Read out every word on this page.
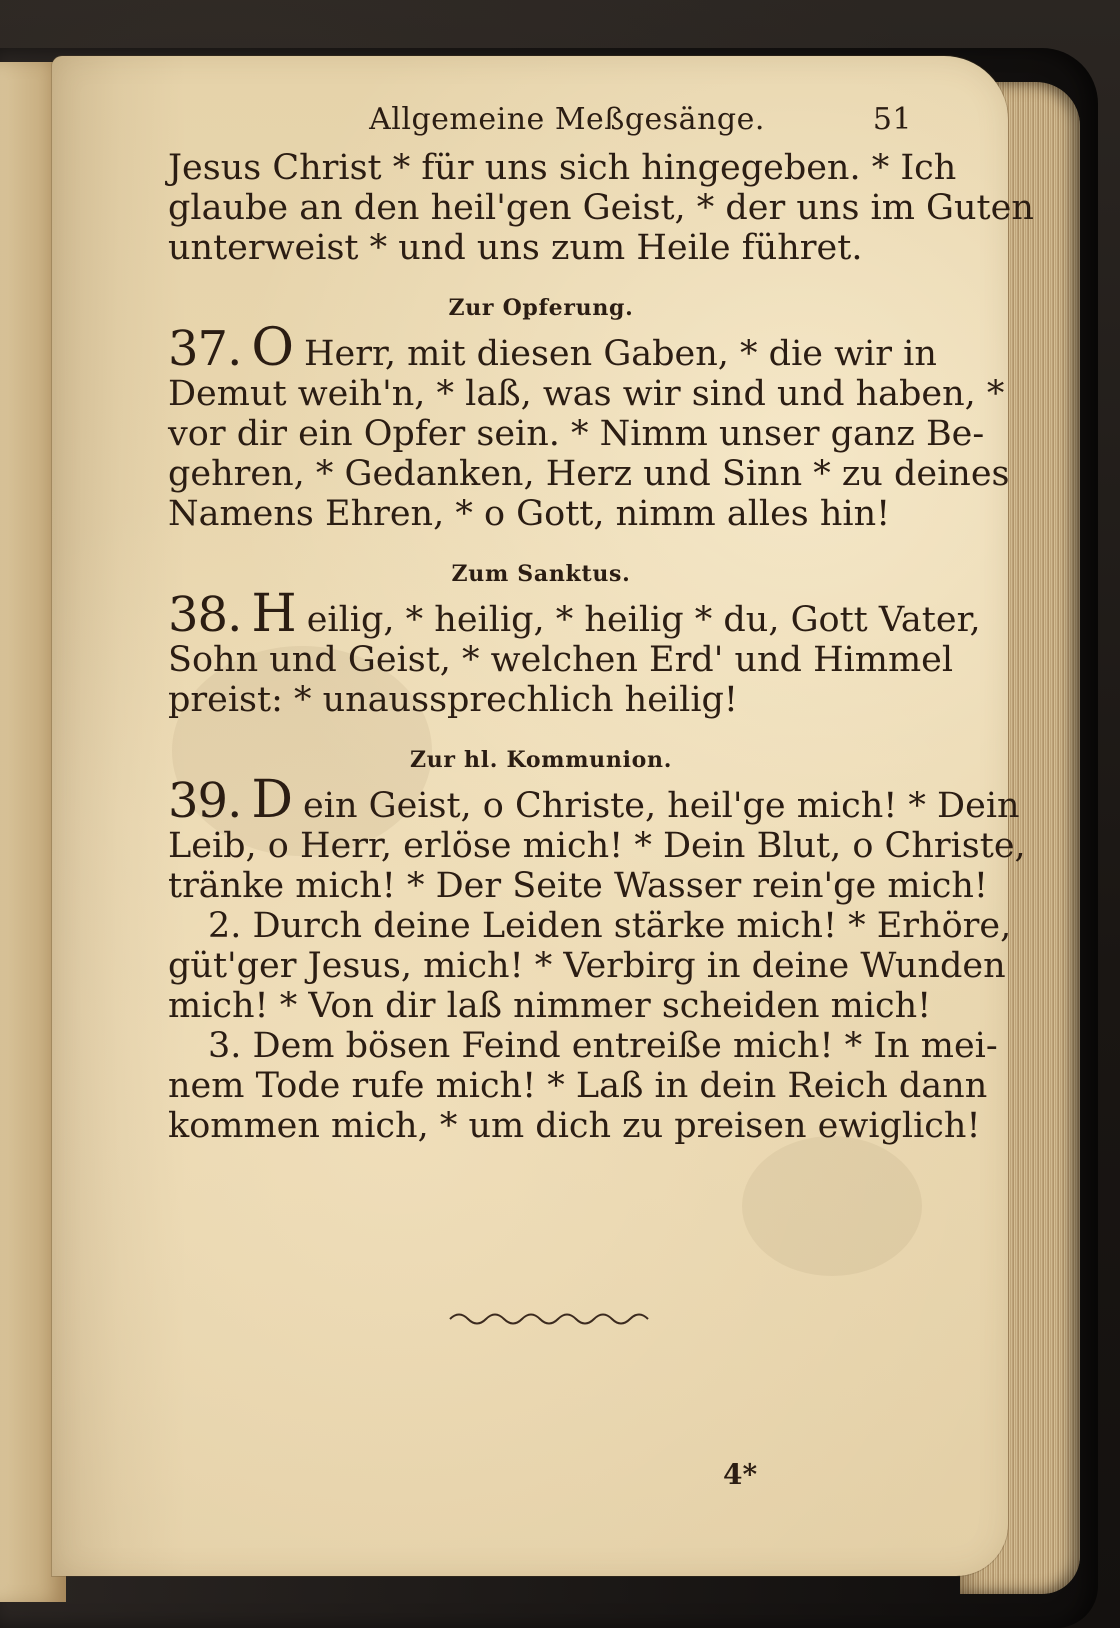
Allgemeine Meßgesänge.	51
Jesus Christ * für uns sich hingegeben. * Ich
glaube an den heil'gen Geist, * der uns im Guten
unterweist * und uns zum Heile führet.
Zur Opferung.
37. O Herr, mit diesen Gaben, * die wir in
Demut weih'n, * laß, was wir sind und haben, *
vor dir ein Opfer sein. * Nimm unser ganz Be-
gehren, * Gedanken, Herz und Sinn * zu deines
Namens Ehren, * o Gott, nimm alles hin!
Zum Sanktus.
38. H eilig, * heilig, * heilig * du, Gott Vater,
Sohn und Geist, * welchen Erd' und Himmel
preist: * unaussprechlich heilig!
Zur hl. Kommunion.
39. D ein Geist, o Christe, heil'ge mich! * Dein
Leib, o Herr, erlöse mich! * Dein Blut, o Christe,
tränke mich! * Der Seite Wasser rein'ge mich!
2. Durch deine Leiden stärke mich! * Erhöre,
güt'ger Jesus, mich! * Verbirg in deine Wunden
mich! * Von dir laß nimmer scheiden mich!
3. Dem bösen Feind entreiße mich! * In mei-
nem Tode rufe mich! * Laß in dein Reich dann
kommen mich, * um dich zu preisen ewiglich!
4*
